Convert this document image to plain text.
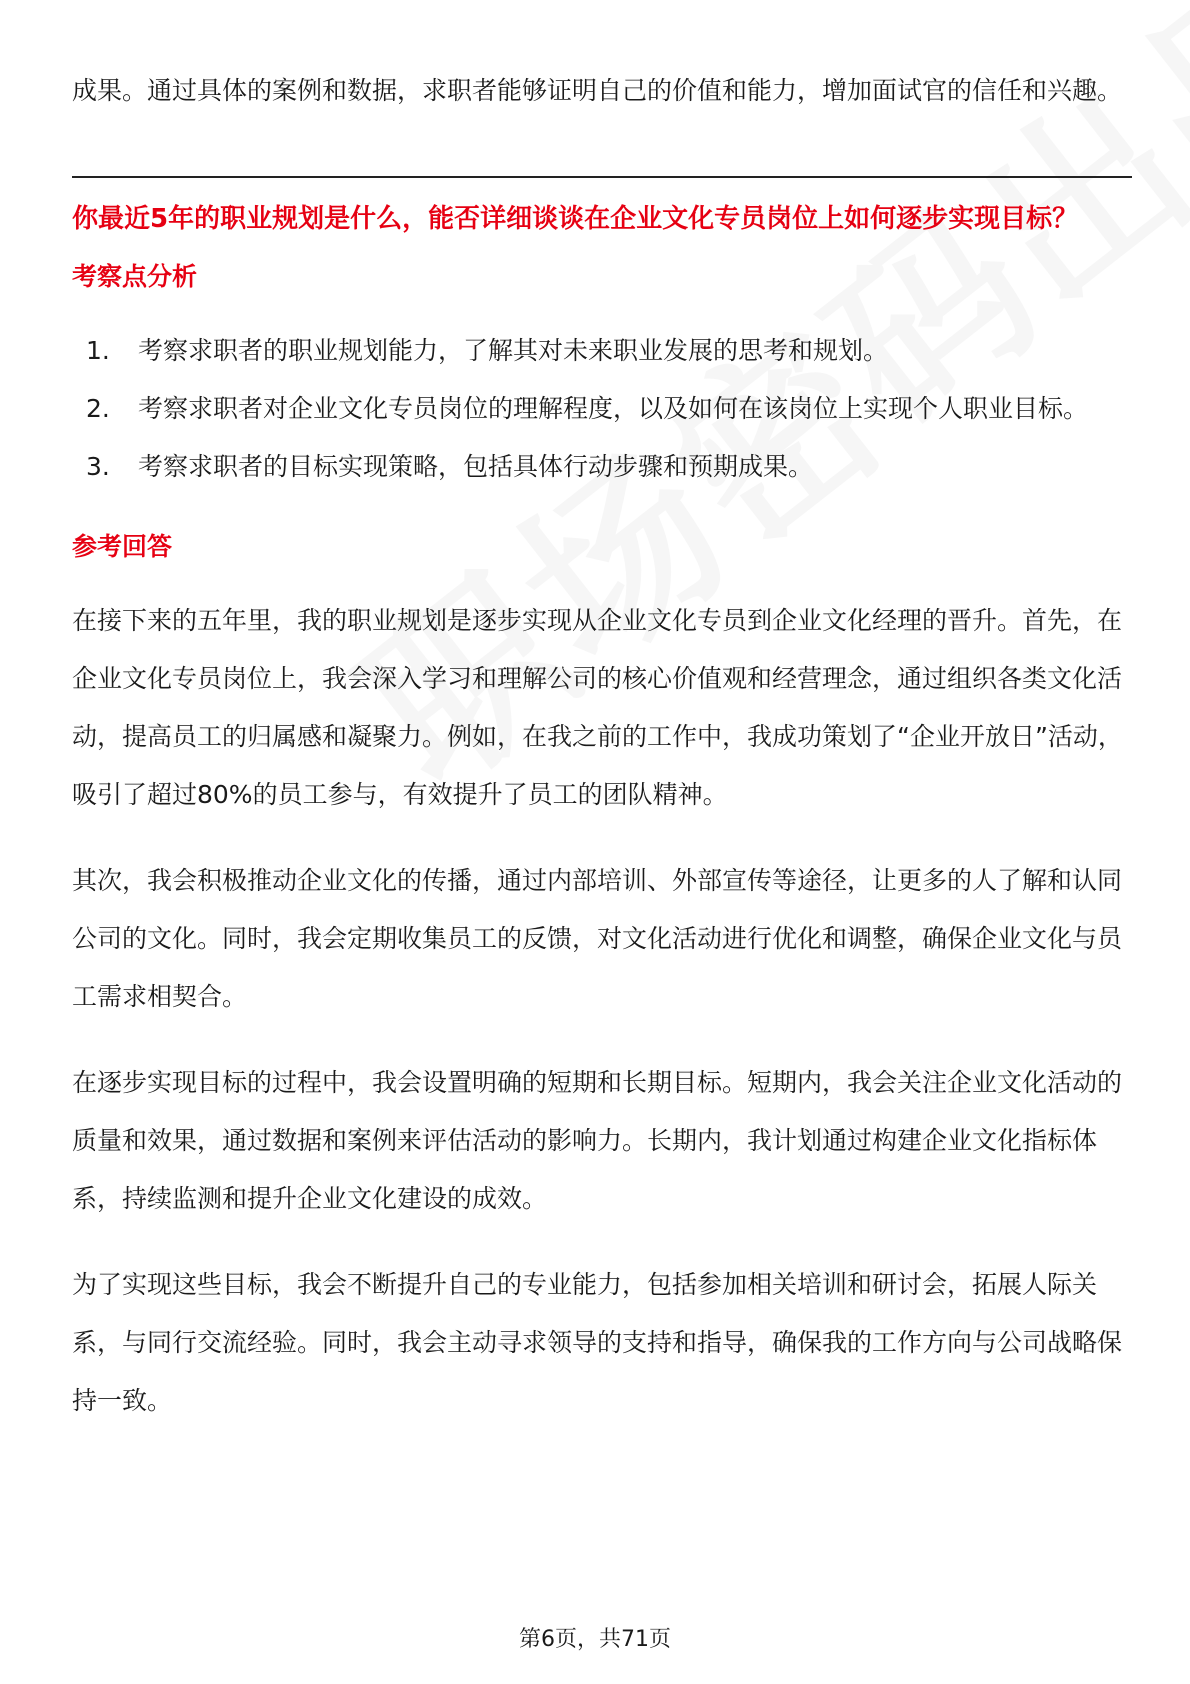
成果。通过具体的案例和数据，求职者能够证明自己的价值和能力，增加面试官的信任和兴趣。

你最近5年的职业规划是什么，能否详细谈谈在企业文化专员岗位上如何逐步实现目标？

考察点分析
1. 考察求职者的职业规划能力，了解其对未来职业发展的思考和规划。
2. 考察求职者对企业文化专员岗位的理解程度，以及如何在该岗位上实现个人职业目标。
3. 考察求职者的目标实现策略，包括具体行动步骤和预期成果。
参考回答

在接下来的五年里，我的职业规划是逐步实现从企业文化专员到企业文化经理的晋升。首先，在企业文化专员岗位上，我会深入学习和理解公司的核心价值观和经营理念，通过组织各类文化活动，提高员工的归属感和凝聚力。例如，在我之前的工作中，我成功策划了“企业开放日”活动，吸引了超过80%的员工参与，有效提升了员工的团队精神。

其次，我会积极推动企业文化的传播，通过内部培训、外部宣传等途径，让更多的人了解和认同公司的文化。同时，我会定期收集员工的反馈，对文化活动进行优化和调整，确保企业文化与员工需求相契合。

在逐步实现目标的过程中，我会设置明确的短期和长期目标。短期内，我会关注企业文化活动的质量和效果，通过数据和案例来评估活动的影响力。长期内，我计划通过构建企业文化指标体系，持续监测和提升企业文化建设的成效。

为了实现这些目标，我会不断提升自己的专业能力，包括参加相关培训和研讨会，拓展人际关系，与同行交流经验。同时，我会主动寻求领导的支持和指导，确保我的工作方向与公司战略保持一致。

第6页，共71页
